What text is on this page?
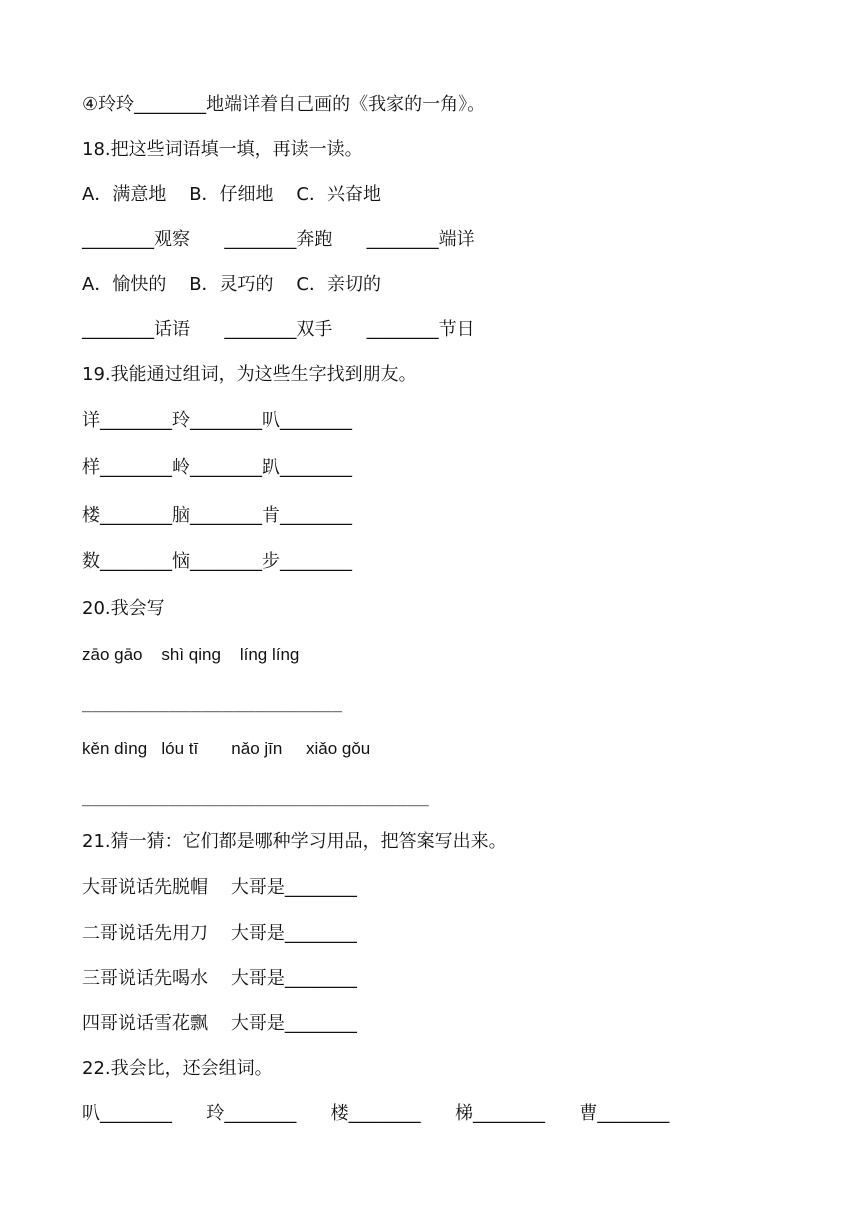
④玲玲________地端详着自己画的《我家的一角》。
18.把这些词语填一填，再读一读。
A．满意地    B．仔细地    C．兴奋地
________观察      ________奔跑      ________端详
A．愉快的    B．灵巧的    C．亲切的
________话语      ________双手      ________节日
19.我能通过组词，为这些生字找到朋友。
详________玲________叭________
样________岭________趴________
楼________脑________肯________
数________恼________步________
20.我会写
zāo gāo    shì qing    líng líng
________________________
kěn dìng   lóu tī       nǎo jīn     xiǎo gǒu
________________________________
21.猜一猜：它们都是哪种学习用品，把答案写出来。
大哥说话先脱帽    大哥是________
二哥说话先用刀    大哥是________
三哥说话先喝水    大哥是________
四哥说话雪花飘    大哥是________
22.我会比，还会组词。
叭________      玲________      楼________      梯________      曹________
